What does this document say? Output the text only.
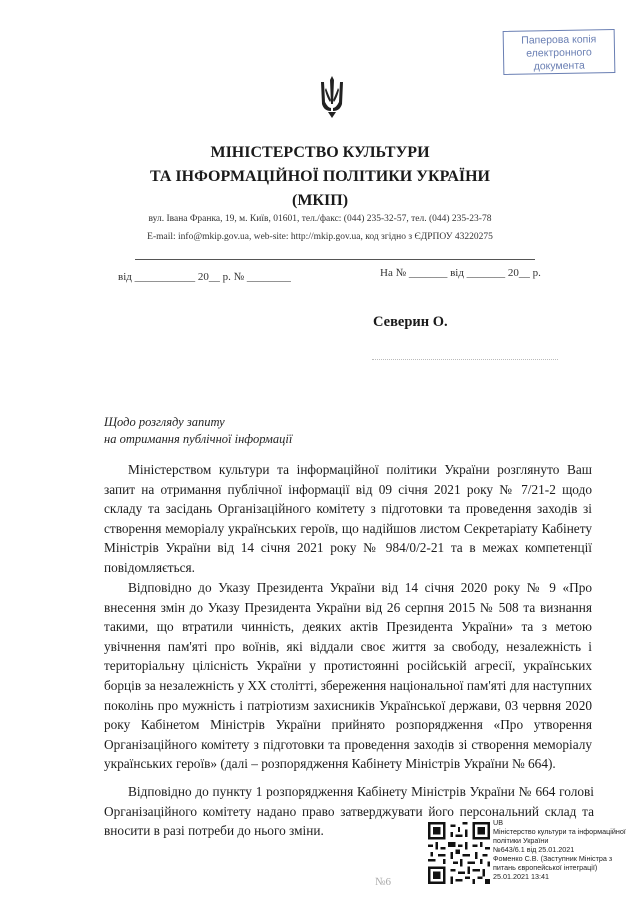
Паперова копія
електронного
документа
МІНІСТЕРСТВО КУЛЬТУРИ
ТА ІНФОРМАЦІЙНОЇ ПОЛІТИКИ УКРАЇНИ
(МКІП)
вул. Івана Франка, 19, м. Київ, 01601, тел./факс: (044) 235-32-57, тел. (044) 235-23-78
E-mail: info@mkip.gov.ua, web-site: http://mkip.gov.ua, код згідно з ЄДРПОУ 43220275
від ___________ 20__ р. № ________	На № _______ від _______ 20__ р.
Северин О.
Щодо розгляду запиту
на отримання публічної інформації
Міністерством культури та інформаційної політики України розглянуто Ваш запит на отримання публічної інформації від 09 січня 2021 року № 7/21-2 щодо складу та засідань Організаційного комітету з підготовки та проведення заходів зі створення меморіалу українських героїв, що надійшов листом Секретаріату Кабінету Міністрів України від 14 січня 2021 року № 984/0/2-21 та в межах компетенції повідомляється.
Відповідно до Указу Президента України від 14 січня 2020 року № 9 «Про внесення змін до Указу Президента України від 26 серпня 2015 № 508 та визнання такими, що втратили чинність, деяких актів Президента України» та з метою увічнення пам'яті про воїнів, які віддали своє життя за свободу, незалежність і територіальну цілісність України у протистоянні російській агресії, українських борців за незалежність у XX столітті, збереження національної пам'яті для наступних поколінь про мужність і патріотизм захисників Української держави, 03 червня 2020 року Кабінетом Міністрів України прийнято розпорядження «Про утворення Організаційного комітету з підготовки та проведення заходів зі створення меморіалу українських героїв» (далі – розпорядження Кабінету Міністрів України № 664).
Відповідно до пункту 1 розпорядження Кабінету Міністрів України № 664 голові Організаційного комітету надано право затверджувати його персональний склад та вносити в разі потреби до нього зміни.
UB
Міністерство культури та інформаційної
політики України
№643/6.1 від 25.01.2021
Фоменко С.В. (Заступник Міністра з
питань європейської інтеграції)
25.01.2021 13:41
№6
